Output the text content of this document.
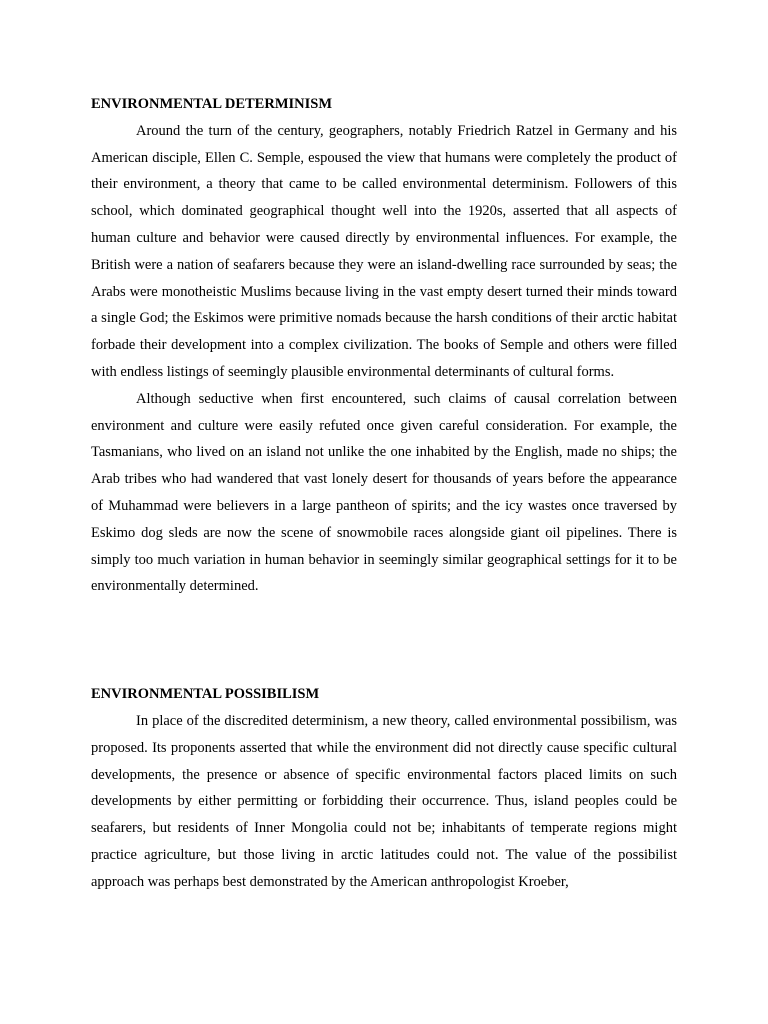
ENVIRONMENTAL DETERMINISM

Around the turn of the century, geographers, notably Friedrich Ratzel in Germany and his American disciple, Ellen C. Semple, espoused the view that humans were completely the product of their environment, a theory that came to be called environmental determinism. Followers of this school, which dominated geographical thought well into the 1920s, asserted that all aspects of human culture and behavior were caused directly by environmental influences. For example, the British were a nation of seafarers because they were an island-dwelling race surrounded by seas; the Arabs were monotheistic Muslims because living in the vast empty desert turned their minds toward a single God; the Eskimos were primitive nomads because the harsh conditions of their arctic habitat forbade their development into a complex civilization. The books of Semple and others were filled with endless listings of seemingly plausible environmental determinants of cultural forms.

Although seductive when first encountered, such claims of causal correlation between environment and culture were easily refuted once given careful consideration. For example, the Tasmanians, who lived on an island not unlike the one inhabited by the English, made no ships; the Arab tribes who had wandered that vast lonely desert for thousands of years before the appearance of Muhammad were believers in a large pantheon of spirits; and the icy wastes once traversed by Eskimo dog sleds are now the scene of snowmobile races alongside giant oil pipelines. There is simply too much variation in human behavior in seemingly similar geographical settings for it to be environmentally determined.

ENVIRONMENTAL POSSIBILISM

In place of the discredited determinism, a new theory, called environmental possibilism, was proposed. Its proponents asserted that while the environment did not directly cause specific cultural developments, the presence or absence of specific environmental factors placed limits on such developments by either permitting or forbidding their occurrence. Thus, island peoples could be seafarers, but residents of Inner Mongolia could not be; inhabitants of temperate regions might practice agriculture, but those living in arctic latitudes could not. The value of the possibilist approach was perhaps best demonstrated by the American anthropologist Kroeber,
